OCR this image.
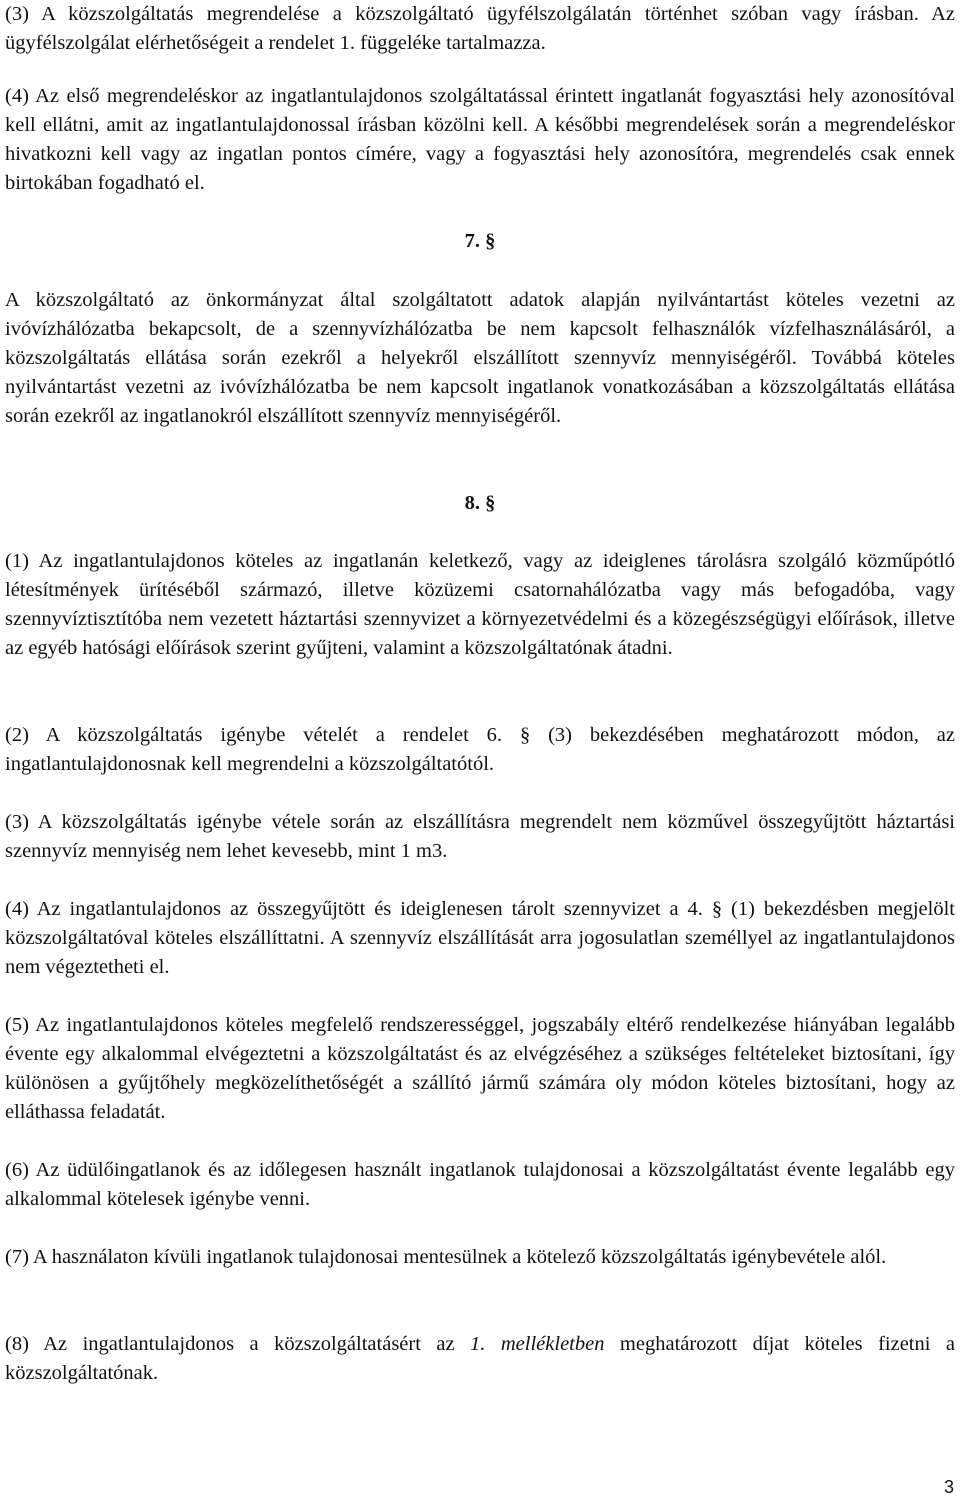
(3) A közszolgáltatás megrendelése a közszolgáltató ügyfélszolgálatán történhet szóban vagy írásban. Az ügyfélszolgálat elérhetőségeit a rendelet 1. függeléke tartalmazza.

(4) Az első megrendeléskor az ingatlantulajdonos szolgáltatással érintett ingatlanát fogyasztási hely azonosítóval kell ellátni, amit az ingatlantulajdonossal írásban közölni kell. A későbbi megrendelések során a megrendeléskor hivatkozni kell vagy az ingatlan pontos címére, vagy a fogyasztási hely azonosítóra, megrendelés csak ennek birtokában fogadható el.

7. §

A közszolgáltató az önkormányzat által szolgáltatott adatok alapján nyilvántartást köteles vezetni az ivóvízhálózatba bekapcsolt, de a szennyvízhálózatba be nem kapcsolt felhasználók vízfelhasználásáról, a közszolgáltatás ellátása során ezekről a helyekről elszállított szennyvíz mennyiségéről. Továbbá köteles nyilvántartást vezetni az ivóvízhálózatba be nem kapcsolt ingatlanok vonatkozásában a közszolgáltatás ellátása során ezekről az ingatlanokról elszállított szennyvíz mennyiségéről.

8. §

(1) Az ingatlantulajdonos köteles az ingatlanán keletkező, vagy az ideiglenes tárolásra szolgáló közműpótló létesítmények ürítéséből származó, illetve közüzemi csatornahálózatba vagy más befogadóba, vagy szennyvíztisztítóba nem vezetett háztartási szennyvizet a környezetvédelmi és a közegészségügyi előírások, illetve az egyéb hatósági előírások szerint gyűjteni, valamint a közszolgáltatónak átadni.

(2) A közszolgáltatás igénybe vételét a rendelet 6. § (3) bekezdésében meghatározott módon, az ingatlantulajdonosnak kell megrendelni a közszolgáltatótól.

(3) A közszolgáltatás igénybe vétele során az elszállításra megrendelt nem közművel összegyűjtött háztartási szennyvíz mennyiség nem lehet kevesebb, mint 1 m3.

(4) Az ingatlantulajdonos az összegyűjtött és ideiglenesen tárolt szennyvizet a 4. § (1) bekezdésben megjelölt közszolgáltatóval köteles elszállíttatni. A szennyvíz elszállítását arra jogosulatlan személlyel az ingatlantulajdonos nem végeztetheti el.

(5) Az ingatlantulajdonos köteles megfelelő rendszerességgel, jogszabály eltérő rendelkezése hiányában legalább évente egy alkalommal elvégeztetni a közszolgáltatást és az elvégzéséhez a szükséges feltételeket biztosítani, így különösen a gyűjtőhely megközelíthetőségét a szállító jármű számára oly módon köteles biztosítani, hogy az elláthassa feladatát.

(6) Az üdülőingatlanok és az időlegesen használt ingatlanok tulajdonosai a közszolgáltatást évente legalább egy alkalommal kötelesek igénybe venni.

(7) A használaton kívüli ingatlanok tulajdonosai mentesülnek a kötelező közszolgáltatás igénybevétele alól.

(8) Az ingatlantulajdonos a közszolgáltatásért az 1. mellékletben meghatározott díjat köteles fizetni a közszolgáltatónak.

3
